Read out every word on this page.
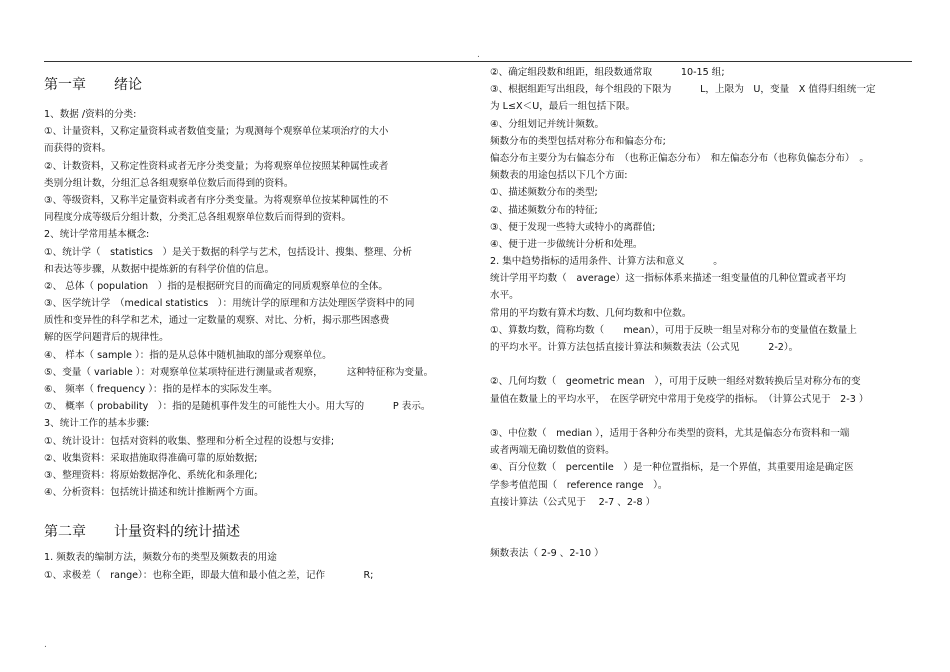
.

第一章　　绪论

1、数据 /资料的分类:

①、计量资料，又称定量资料或者数值变量；为观测每个观察单位某项治疗的大小

而获得的资料。

②、计数资料，又称定性资料或者无序分类变量；为将观察单位按照某种属性或者

类别分组计数，分组汇总各组观察单位数后而得到的资料。

③、等级资料，又称半定量资料或者有序分类变量。为将观察单位按某种属性的不

同程度分成等级后分组计数，分类汇总各组观察单位数后而得到的资料。

2、统计学常用基本概念:

①、统计学（　statistics　）是关于数据的科学与艺术，包括设计、搜集、整理、分析

和表达等步骤，从数据中提炼新的有科学价值的信息。

②、 总体（ population　）指的是根据研究目的而确定的同质观察单位的全体。

③、医学统计学　（medical statistics　）：用统计学的原理和方法处理医学资料中的同

质性和变异性的科学和艺术，通过一定数量的观察、对比、分析，揭示那些困惑费

解的医学问题背后的规律性。

④、 样本（ sample ）：指的是从总体中随机抽取的部分观察单位。

⑤、变量（ variable ）：对观察单位某项特征进行测量或者观察，　　　这种特征称为变量。

⑥、 频率（ frequency ）：指的是样本的实际发生率。

⑦、 概率（ probability　）：指的是随机事件发生的可能性大小。用大写的　　　P 表示。

3、统计工作的基本步骤:

①、统计设计：包括对资料的收集、整理和分析全过程的设想与安排;

②、收集资料：采取措施取得准确可靠的原始数据;

③、整理资料：将原始数据净化、系统化和条理化;

④、分析资料：包括统计描述和统计推断两个方面。

第二章　　计量资料的统计描述

1. 频数表的编制方法，频数分布的类型及频数表的用途

①、求极差（　range）：也称全距，即最大值和最小值之差，记作　　　　R;

②、确定组段数和组距，组段数通常取　　　10-15 组;

③、根据组距写出组段，每个组段的下限为　　　L，上限为　U，变量　X 值得归组统一定

为 L≤X＜U，最后一组包括下限。

④、分组划记并统计频数。

频数分布的类型包括对称分布和偏态分布;

偏态分布主要分为右偏态分布　（也称正偏态分布）　和左偏态分布（也称负偏态分布）　。

频数表的用途包括以下几个方面:

①、描述频数分布的类型;

②、描述频数分布的特征;

③、便于发现一些特大或特小的离群值;

④、便于进一步做统计分析和处理。

2. 集中趋势指标的适用条件、计算方法和意义　　　。

统计学用平均数（　average）这一指标体系来描述一组变量值的几种位置或者平均

水平。

常用的平均数有算术均数、几何均数和中位数。

①、算数均数，简称均数（　　mean），可用于反映一组呈对称分布的变量值在数量上

的平均水平。计算方法包括直接计算法和频数表法（公式见　　　2-2）。

②、几何均数（　geometric mean　），可用于反映一组经对数转换后呈对称分布的变

量值在数量上的平均水平，　在医学研究中常用于免疫学的指标。　（计算公式见于　2-3 ）

③、中位数（　median ），适用于各种分布类型的资料，尤其是偏态分布资料和一端

或者两端无确切数值的资料。

④、百分位数（　percentile　）是一种位置指标，是一个界值，其重要用途是确定医

学参考值范围（　reference range　）。

直接计算法（公式见于　 2-7 、2-8 ）

频数表法（ 2-9 、2-10 ）

.
